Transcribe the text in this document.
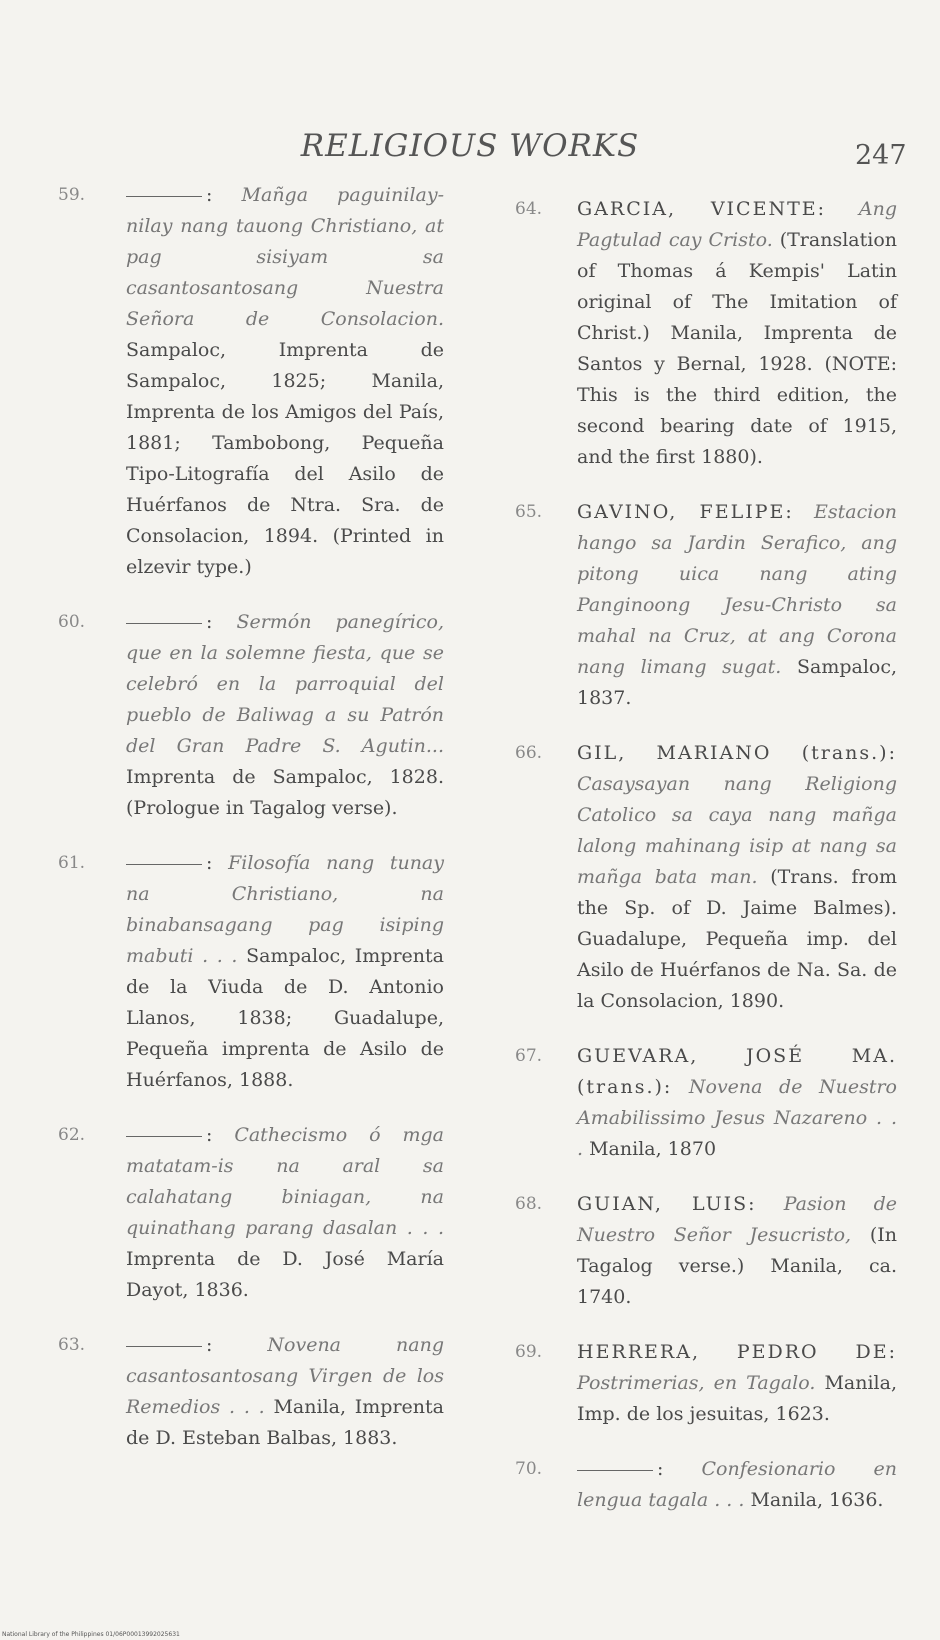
RELIGIOUS WORKS	247
59.	: Mañga paguinilay-nilay nang tauong Christiano, at pag sisiyam sa casantosantosang Nuestra Señora de Consolacion. Sampaloc, Imprenta de Sampaloc, 1825; Manila, Imprenta de los Amigos del País, 1881; Tambobong, Pequeña Tipo-Litografía del Asilo de Huérfanos de Ntra. Sra. de Consolacion, 1894. (Printed in elzevir type.)
60.	: Sermón panegírico, que en la solemne fiesta, que se celebró en la parroquial del pueblo de Baliwag a su Patrón del Gran Padre S. Agutin... Imprenta de Sampaloc, 1828. (Prologue in Tagalog verse).
61.	: Filosofía nang tunay na Christiano, na binabansagang pag isiping mabuti . . . Sampaloc, Imprenta de la Viuda de D. Antonio Llanos, 1838; Guadalupe, Pequeña imprenta de Asilo de Huérfanos, 1888.
62.	: Cathecismo ó mga matatam-is na aral sa calahatang biniagan, na quinathang parang dasalan . . . Imprenta de D. José María Dayot, 1836.
63.	: Novena nang casantosantosang Virgen de los Remedios . . . Manila, Imprenta de D. Esteban Balbas, 1883.
64. GARCIA, VICENTE: Ang Pagtulad cay Cristo. (Translation of Thomas á Kempis' Latin original of The Imitation of Christ.) Manila, Imprenta de Santos y Bernal, 1928. (NOTE: This is the third edition, the second bearing date of 1915, and the first 1880).
65. GAVINO, FELIPE: Estacion hango sa Jardin Serafico, ang pitong uica nang ating Panginoong Jesu-Christo sa mahal na Cruz, at ang Corona nang limang sugat. Sampaloc, 1837.
66. GIL, MARIANO (trans.): Casaysayan nang Religiong Catolico sa caya nang mañga lalong mahinang isip at nang sa mañga bata man. (Trans. from the Sp. of D. Jaime Balmes). Guadalupe, Pequeña imp. del Asilo de Huérfanos de Na. Sa. de la Consolacion, 1890.
67. GUEVARA, JOSÉ MA. (trans.): Novena de Nuestro Amabilissimo Jesus Nazareno . . . Manila, 1870
68. GUIAN, LUIS: Pasion de Nuestro Señor Jesucristo, (In Tagalog verse.) Manila, ca. 1740.
69. HERRERA, PEDRO DE: Postrimerias, en Tagalo. Manila, Imp. de los jesuitas, 1623.
70.	: Confesionario en lengua tagala . . . Manila, 1636.
National Library of the Philippines 01/06P00013992025631
